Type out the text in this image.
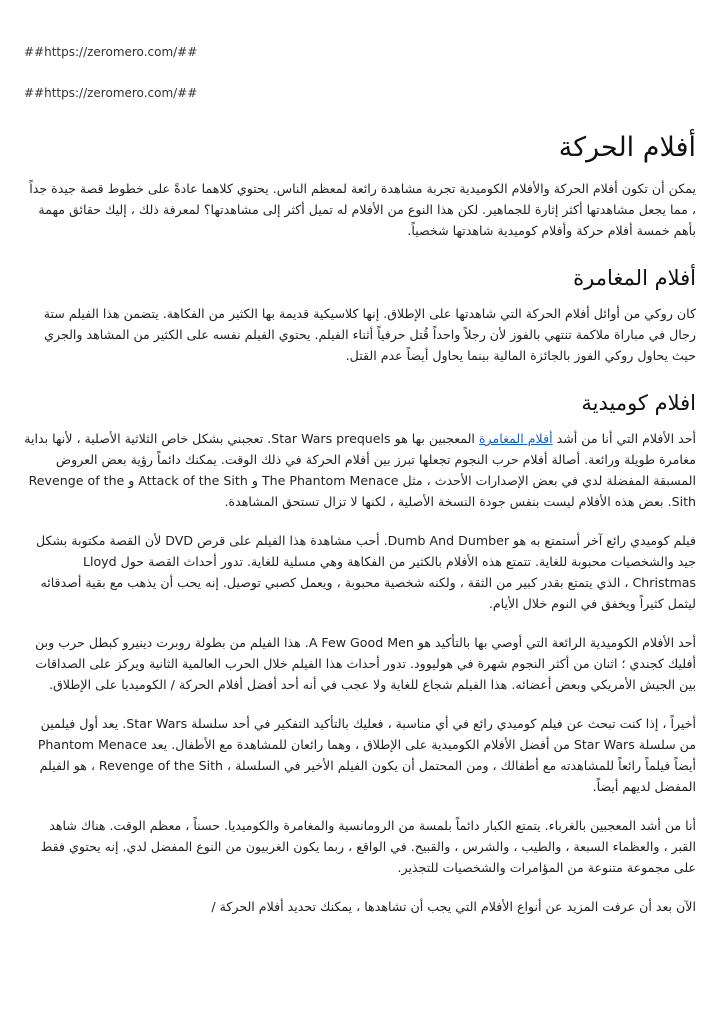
##https://zeromero.com/##
##https://zeromero.com/##
أفلام الحركة

يمكن أن تكون أفلام الحركة والأفلام الكوميدية تجربة مشاهدة رائعة لمعظم الناس. يحتوي كلاهما عادةً على خطوط قصة جيدة جداً ، مما يجعل مشاهدتها أكثر إثارة للجماهير. لكن هذا النوع من الأفلام له تميل أكثر إلى مشاهدتها؟ لمعرفة ذلك ، إليك حقائق مهمة بأهم خمسة أفلام حركة وأفلام كوميدية شاهدتها شخصياً.

أفلام المغامرة

كان روكي من أوائل أفلام الحركة التي شاهدتها على الإطلاق. إنها كلاسيكية قديمة بها الكثير من الفكاهة. يتضمن هذا الفيلم ستة رجال في مباراة ملاكمة تنتهي بالفوز لأن رجلاً واحداً قُتل حرفياً أثناء الفيلم. يحتوي الفيلم نفسه على الكثير من المشاهد والجري حيث يحاول روكي الفوز بالجائزة المالية بينما يحاول أيضاً عدم القتل.

افلام كوميدية

أحد الأفلام التي أنا من أشد أفلام المغامرة المعجبين بها هو Star Wars prequels. تعجبني بشكل خاص الثلاثية الأصلية ، لأنها بداية مغامرة طويلة ورائعة. أصالة أفلام حرب النجوم تجعلها تبرز بين أفلام الحركة في ذلك الوقت. يمكنك دائماً رؤية بعض العروض المسبقة المفضلة لدي في بعض الإصدارات الأحدث ، مثل The Phantom Menace و Attack of the Sith و Revenge of the Sith. بعض هذه الأفلام ليست بنفس جودة النسخة الأصلية ، لكنها لا تزال تستحق المشاهدة.

فيلم كوميدي رائع آخر أستمتع به هو Dumb And Dumber. أحب مشاهدة هذا الفيلم على قرص DVD لأن القصة مكتوبة بشكل جيد والشخصيات محبوبة للغاية. تتمتع هذه الأفلام بالكثير من الفكاهة وهي مسلية للغاية. تدور أحداث القصة حول Lloyd Christmas ، الذي يتمتع بقدر كبير من الثقة ، ولكنه شخصية محبوبة ، ويعمل كصبي توصيل. إنه يحب أن يذهب مع بقية أصدقائه ليثمل كثيراً ويخفق في النوم خلال الأيام.

أحد الأفلام الكوميدية الرائعة التي أوصي بها بالتأكيد هو A Few Good Men. هذا الفيلم من بطولة روبرت دينيرو كبطل حرب وبن أفليك كجندي ؛ اثنان من أكثر النجوم شهرة في هوليوود. تدور أحداث هذا الفيلم خلال الحرب العالمية الثانية ويركز على الصداقات بين الجيش الأمريكي وبعض أعضائه. هذا الفيلم شجاع للغاية ولا عجب في أنه أحد أفضل أفلام الحركة / الكوميديا على الإطلاق.

أخيراً ، إذا كنت تبحث عن فيلم كوميدي رائع في أي مناسبة ، فعليك بالتأكيد التفكير في أحد سلسلة Star Wars. يعد أول فيلمين من سلسلة Star Wars من أفضل الأفلام الكوميدية على الإطلاق ، وهما رائعان للمشاهدة مع الأطفال. يعد Phantom Menace أيضاً فيلماً رائعاً للمشاهدته مع أطفالك ، ومن المحتمل أن يكون الفيلم الأخير في السلسلة ، Revenge of the Sith ، هو الفيلم المفضل لديهم أيضاً.

أنا من أشد المعجبين بالغرباء. يتمتع الكبار دائماً بلمسة من الرومانسية والمغامرة والكوميديا. حسناً ، معظم الوقت. هناك شاهد القبر ، والعظماء السبعة ، والطيب ، والشرس ، والقبيح. في الواقع ، ربما يكون الغربيون من النوع المفضل لدي. إنه يحتوي فقط على مجموعة متنوعة من المؤامرات والشخصيات للتجذير.

الآن بعد أن عرفت المزيد عن أنواع الأفلام التي يجب أن تشاهدها ، يمكنك تحديد أفلام الحركة /
